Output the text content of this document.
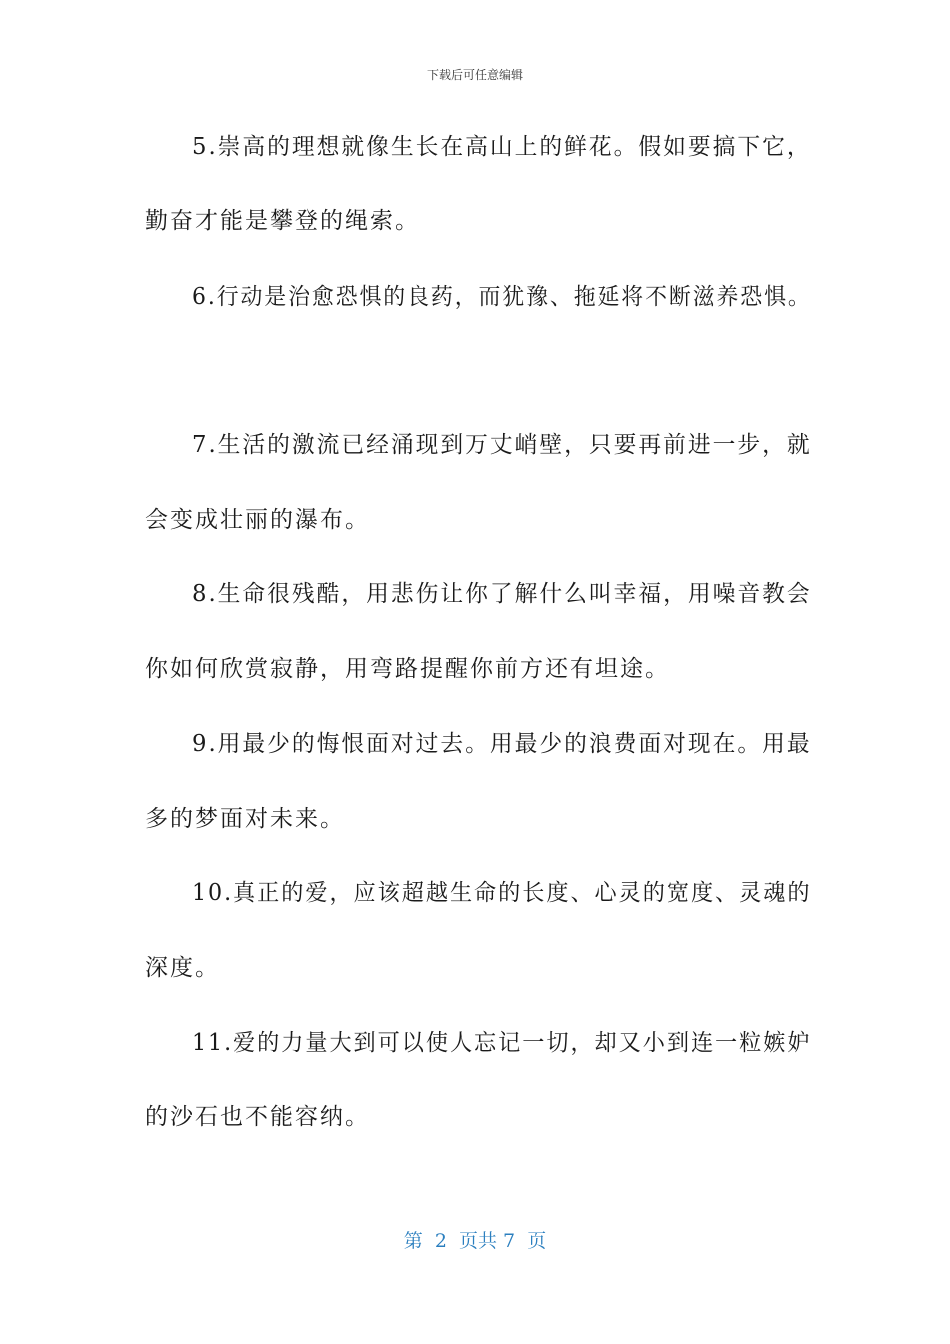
下载后可任意编辑
5.崇高的理想就像生长在高山上的鲜花。假如要搞下它，
勤奋才能是攀登的绳索。
6.行动是治愈恐惧的良药，而犹豫、拖延将不断滋养恐惧。
7.生活的激流已经涌现到万丈峭壁，只要再前进一步，就
会变成壮丽的瀑布。
8.生命很残酷，用悲伤让你了解什么叫幸福，用噪音教会
你如何欣赏寂静，用弯路提醒你前方还有坦途。
9.用最少的悔恨面对过去。用最少的浪费面对现在。用最
多的梦面对未来。
10.真正的爱，应该超越生命的长度、心灵的宽度、灵魂的
深度。
11.爱的力量大到可以使人忘记一切，却又小到连一粒嫉妒
的沙石也不能容纳。
第  2  页共 7  页
